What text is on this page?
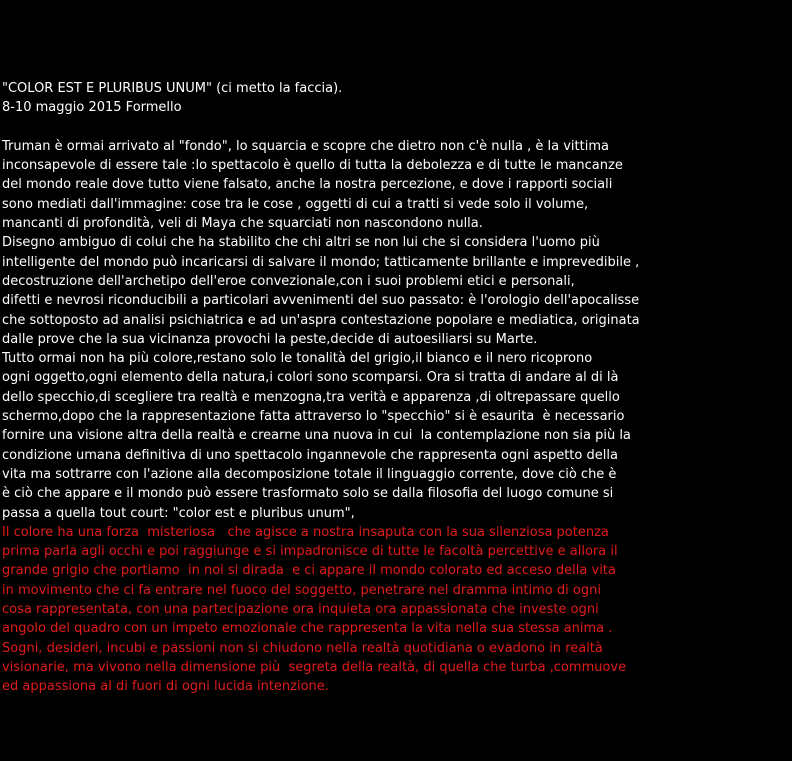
"COLOR EST E PLURIBUS UNUM" (ci metto la faccia).
8-10 maggio 2015 Formello
Truman è ormai arrivato al "fondo", lo squarcia e scopre che dietro non c'è nulla , è la vittima
inconsapevole di essere tale :lo spettacolo è quello di tutta la debolezza e di tutte le mancanze
del mondo reale dove tutto viene falsato, anche la nostra percezione, e dove i rapporti sociali
sono mediati dall'immagine: cose tra le cose , oggetti di cui a tratti si vede solo il volume,
mancanti di profondità, veli di Maya che squarciati non nascondono nulla.
Disegno ambiguo di colui che ha stabilito che chi altri se non lui che si considera l'uomo più
intelligente del mondo può incaricarsi di salvare il mondo; tatticamente brillante e imprevedibile ,
decostruzione dell'archetipo dell'eroe convezionale,con i suoi problemi etici e personali,
difetti e nevrosi riconducibili a particolari avvenimenti del suo passato: è l'orologio dell'apocalisse
che sottoposto ad analisi psichiatrica e ad un'aspra contestazione popolare e mediatica, originata
dalle prove che la sua vicinanza provochi la peste,decide di autoesiliarsi su Marte.
Tutto ormai non ha più colore,restano solo le tonalità del grigio,il bianco e il nero ricoprono
ogni oggetto,ogni elemento della natura,i colori sono scomparsi. Ora si tratta di andare al di là
dello specchio,di scegliere tra realtà e menzogna,tra verità e apparenza ,di oltrepassare quello
schermo,dopo che la rappresentazione fatta attraverso lo "specchio" si è esaurita  è necessario
fornire una visione altra della realtà e crearne una nuova in cui  la contemplazione non sia più la
condizione umana definitiva di uno spettacolo ingannevole che rappresenta ogni aspetto della
vita ma sottrarre con l'azione alla decomposizione totale il linguaggio corrente, dove ciò che è
è ciò che appare e il mondo può essere trasformato solo se dalla filosofia del luogo comune si
passa a quella tout court: "color est e pluribus unum",
Il colore ha una forza  misteriosa   che agisce a nostra insaputa con la sua silenziosa potenza
prima parla agli occhi e poi raggiunge e si impadronisce di tutte le facoltà percettive e allora il
grande grigio che portiamo  in noi si dirada  e ci appare il mondo colorato ed acceso della vita
in movimento che ci fa entrare nel fuoco del soggetto, penetrare nel dramma intimo di ogni
cosa rappresentata, con una partecipazione ora inquieta ora appassionata che investe ogni
angolo del quadro con un impeto emozionale che rappresenta la vita nella sua stessa anima .
Sogni, desideri, incubi e passioni non si chiudono nella realtà quotidiana o evadono in realtà
visionarie, ma vivono nella dimensione più  segreta della realtà, di quella che turba ,commuove
ed appassiona al di fuori di ogni lucida intenzione.
